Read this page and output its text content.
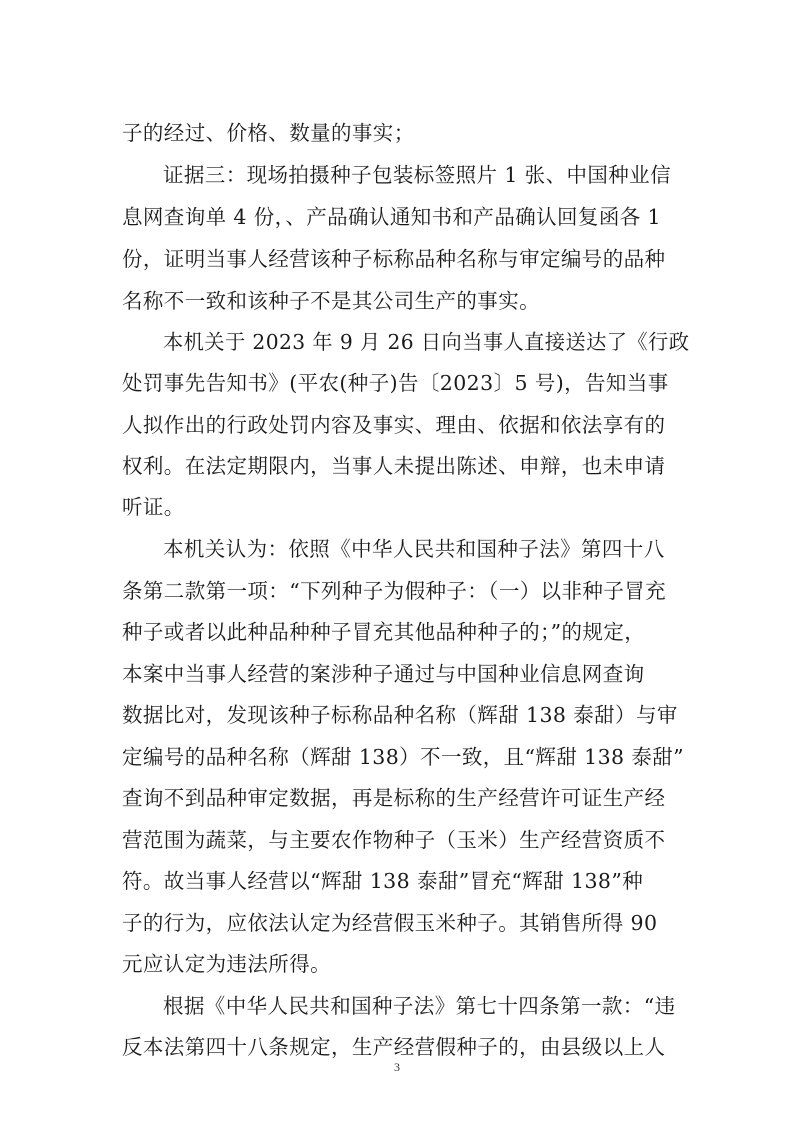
子的经过、价格、数量的事实；
证据三：现场拍摄种子包装标签照片 1 张、中国种业信
息网查询单 4 份，、产品确认通知书和产品确认回复函各 1
份，证明当事人经营该种子标称品种名称与审定编号的品种
名称不一致和该种子不是其公司生产的事实。
本机关于 2023 年 9 月 26 日向当事人直接送达了《行政
处罚事先告知书》(平农(种子)告〔2023〕5 号)，告知当事
人拟作出的行政处罚内容及事实、理由、依据和依法享有的
权利。在法定期限内，当事人未提出陈述、申辩，也未申请
听证。
本机关认为：依照《中华人民共和国种子法》第四十八
条第二款第一项：“下列种子为假种子：（一）以非种子冒充
种子或者以此种品种种子冒充其他品种种子的；”的规定，
本案中当事人经营的案涉种子通过与中国种业信息网查询
数据比对，发现该种子标称品种名称（辉甜 138 泰甜）与审
定编号的品种名称（辉甜 138）不一致，且“辉甜 138 泰甜”
查询不到品种审定数据，再是标称的生产经营许可证生产经
营范围为蔬菜，与主要农作物种子（玉米）生产经营资质不
符。故当事人经营以“辉甜 138 泰甜”冒充“辉甜 138”种
子的行为，应依法认定为经营假玉米种子。其销售所得 90
元应认定为违法所得。
根据《中华人民共和国种子法》第七十四条第一款：“违
反本法第四十八条规定，生产经营假种子的，由县级以上人
3
